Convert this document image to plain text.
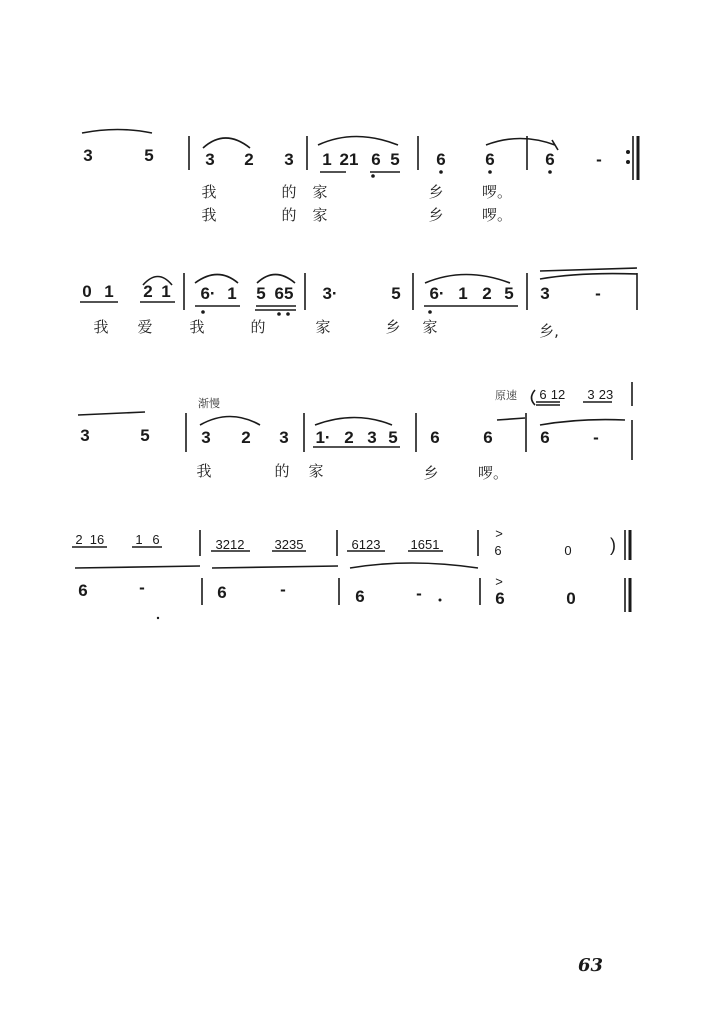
3	5	3 2 3 1 21 6 5 6 6	6 -
我	的 家	乡	啰。
我	的 家	乡	啰。
0 1 2 1 6· 1 5 65 3·	5 6· 1 2 5 3	-
我 爱 我	的	家	乡 家	乡,
渐慢
原速 6 12 3 23
3	5	3 2 3 1· 2 3 5 6	6	6	-
我	的 家	乡	啰。
2 16 1 6	3212 3235	6123 1651	6	0 )
>
6	-	6	-	6	-	6	0
>
63
